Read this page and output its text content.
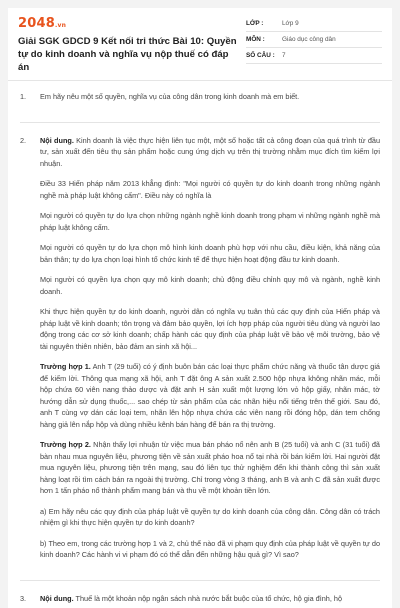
2048.vn
Giải SGK GDCD 9 Kết nối tri thức Bài 10: Quyền tự do kinh doanh và nghĩa vụ nộp thuế có đáp án
LỚP :	Lớp 9
MÔN :	Giáo dục công dân
SỐ CÂU :	7
1.	Em hãy nêu một số quyền, nghĩa vụ của công dân trong kinh doanh mà em biết.

2.	Nội dung. Kinh doanh là việc thực hiện liên tục một, một số hoặc tất cả công đoạn của quá trình từ đầu tư, sản xuất đến tiêu thụ sản phẩm hoặc cung ứng dịch vụ trên thị trường nhằm mục đích tìm kiếm lợi nhuận.

Điều 33 Hiến pháp năm 2013 khẳng định: "Mọi người có quyền tự do kinh doanh trong những ngành nghề mà pháp luật không cấm". Điều này có nghĩa là

Mọi người có quyền tự do lựa chọn những ngành nghề kinh doanh trong phạm vi những ngành nghề mà pháp luật không cấm.

Mọi người có quyền tự do lựa chọn mô hình kinh doanh phù hợp với nhu cầu, điều kiện, khả năng của bản thân; tự do lựa chọn loại hình tổ chức kinh tế để thực hiện hoạt động đầu tư kinh doanh.

Mọi người có quyền lựa chọn quy mô kinh doanh; chủ động điều chỉnh quy mô và ngành, nghề kinh doanh.

Khi thực hiện quyền tự do kinh doanh, người dân có nghĩa vụ tuân thủ các quy định của Hiến pháp và pháp luật về kinh doanh; tôn trọng và đảm bảo quyền, lợi ích hợp pháp của người tiêu dùng và người lao động trong các cơ sở kinh doanh; chấp hành các quy định của pháp luật về bảo vệ môi trường, bảo vệ tài nguyên thiên nhiên, bảo đảm an sinh xã hội...

Trường hợp 1. Anh T (29 tuổi) có ý định buôn bán các loại thực phẩm chức năng và thuốc tân dược giá để kiếm lời. Thông qua mạng xã hội, anh T đặt ông A sản xuất 2.500 hộp nhựa không nhãn mác, mỗi hộp chứa 60 viên nang thảo dược và đặt anh H sản xuất một lượng lớn vỏ hộp giấy, nhãn mác, tờ hướng dẫn sử dụng thuốc,... sao chép từ sản phẩm của các nhãn hiệu nổi tiếng trên thế giới. Sau đó, anh T cùng vợ dán các loại tem, nhãn lên hộp nhựa chứa các viên nang rồi đóng hộp, dán tem chống hàng giả lên nắp hộp và dùng nhiều kênh bán hàng để bán ra thị trường.

Trường hợp 2. Nhận thấy lợi nhuận từ việc mua bán pháo nổ nên anh B (25 tuổi) và anh C (31 tuổi) đã bàn nhau mua nguyên liệu, phương tiện về sản xuất pháo hoa nổ tại nhà rồi bán kiếm lời. Hai người đặt mua nguyên liệu, phương tiện trên mạng, sau đó liên tục thử nghiệm đến khi thành công thì sản xuất hàng loạt rồi tìm cách bán ra ngoài thị trường. Chỉ trong vòng 3 tháng, anh B và anh C đã sản xuất được hơn 1 tấn pháo nổ thành phẩm mang bán và thu về một khoản tiền lớn.

a) Em hãy nêu các quy định của pháp luật về quyền tự do kinh doanh của công dân. Công dân có trách nhiệm gì khi thực hiện quyền tự do kinh doanh?

b) Theo em, trong các trường hợp 1 và 2, chủ thể nào đã vi phạm quy định của pháp luật về quyền tự do kinh doanh? Các hành vi vi phạm đó có thể dẫn đến những hậu quả gì? Vì sao?

3.	Nội dung. Thuế là một khoản nộp ngân sách nhà nước bắt buộc của tổ chức, hộ gia đình, hộ
